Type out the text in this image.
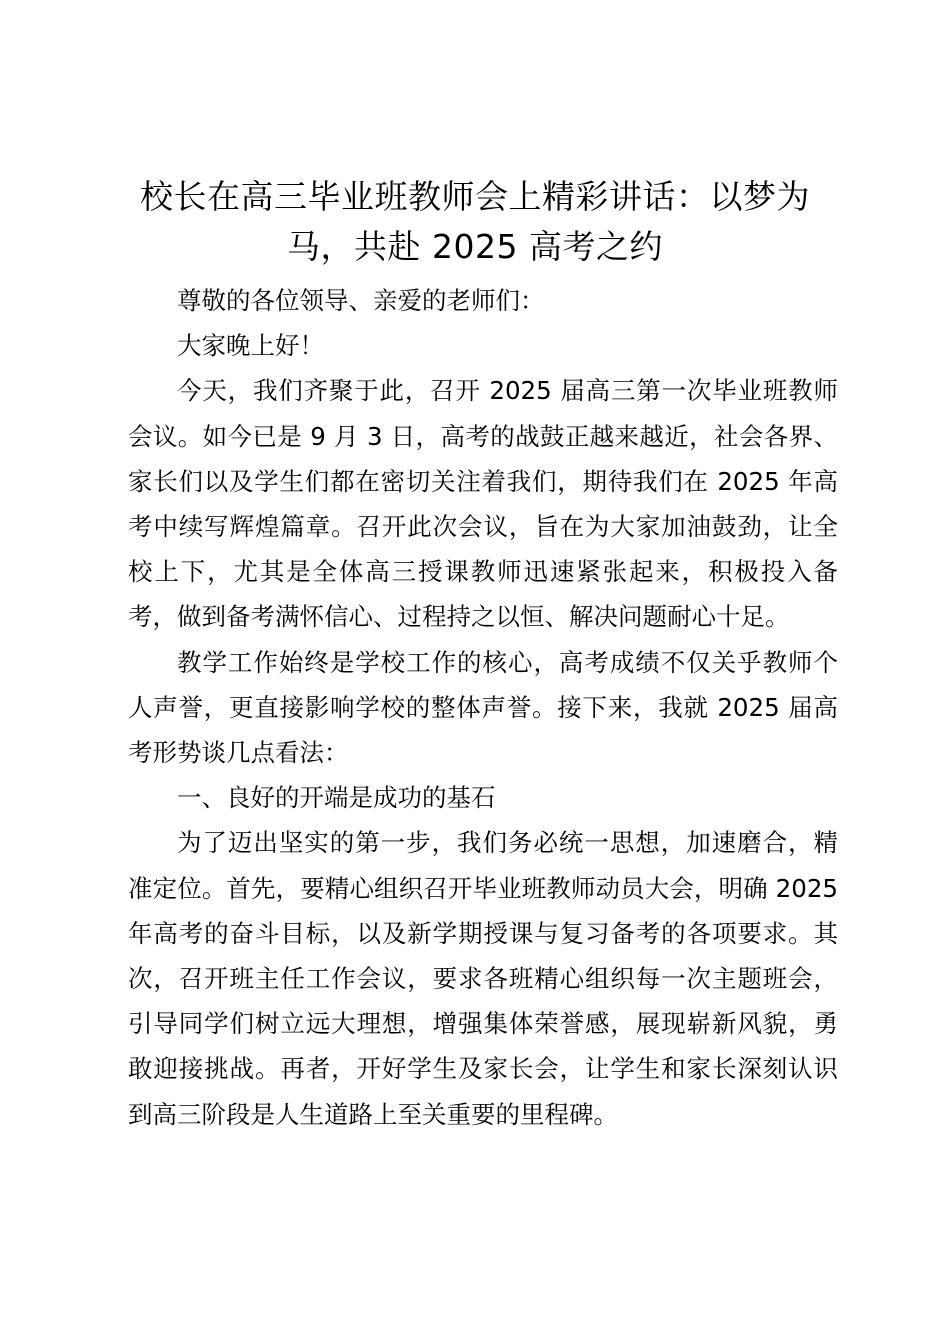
校长在高三毕业班教师会上精彩讲话：以梦为马，共赴 2025 高考之约

尊敬的各位领导、亲爱的老师们：

大家晚上好！

今天，我们齐聚于此，召开 2025 届高三第一次毕业班教师会议。如今已是 9 月 3 日，高考的战鼓正越来越近，社会各界、家长们以及学生们都在密切关注着我们，期待我们在 2025 年高考中续写辉煌篇章。召开此次会议，旨在为大家加油鼓劲，让全校上下，尤其是全体高三授课教师迅速紧张起来，积极投入备考，做到备考满怀信心、过程持之以恒、解决问题耐心十足。

教学工作始终是学校工作的核心，高考成绩不仅关乎教师个人声誉，更直接影响学校的整体声誉。接下来，我就 2025 届高考形势谈几点看法：

一、良好的开端是成功的基石

为了迈出坚实的第一步，我们务必统一思想，加速磨合，精准定位。首先，要精心组织召开毕业班教师动员大会，明确 2025 年高考的奋斗目标，以及新学期授课与复习备考的各项要求。其次，召开班主任工作会议，要求各班精心组织每一次主题班会，引导同学们树立远大理想，增强集体荣誉感，展现崭新风貌，勇敢迎接挑战。再者，开好学生及家长会，让学生和家长深刻认识到高三阶段是人生道路上至关重要的里程碑。
